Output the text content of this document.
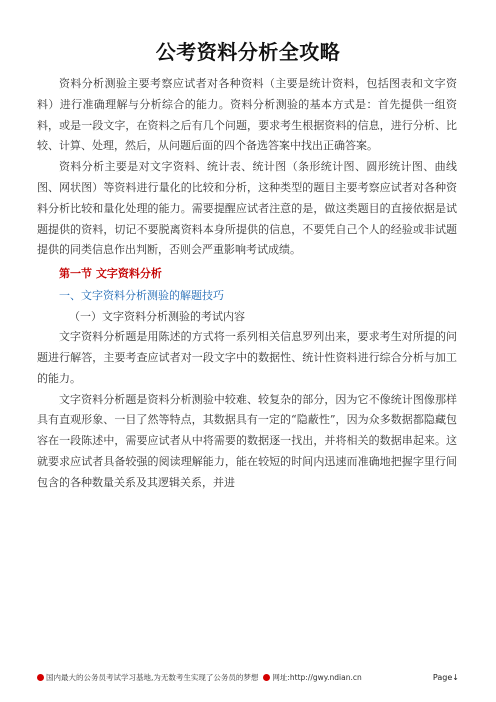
公考资料分析全攻略

资料分析测验主要考察应试者对各种资料（主要是统计资料，包括图表和文字资料）进行准确理解与分析综合的能力。资料分析测验的基本方式是：首先提供一组资料，或是一段文字，在资料之后有几个问题，要求考生根据资料的信息，进行分析、比较、计算、处理，然后，从问题后面的四个备选答案中找出正确答案。

资料分析主要是对文字资料、统计表、统计图（条形统计图、圆形统计图、曲线图、网状图）等资料进行量化的比较和分析，这种类型的题目主要考察应试者对各种资料分析比较和量化处理的能力。需要提醒应试者注意的是，做这类题目的直接依据是试题提供的资料，切记不要脱离资料本身所提供的信息，不要凭自己个人的经验或非试题提供的同类信息作出判断，否则会严重影响考试成绩。

第一节 文字资料分析

一、文字资料分析测验的解题技巧

（一）文字资料分析测验的考试内容

文字资料分析题是用陈述的方式将一系列相关信息罗列出来，要求考生对所提的问题进行解答，主要考查应试者对一段文字中的数据性、统计性资料进行综合分析与加工的能力。

文字资料分析题是资料分析测验中较难、较复杂的部分，因为它不像统计图像那样具有直观形象、一目了然等特点，其数据具有一定的“隐蔽性”，因为众多数据都隐藏包容在一段陈述中，需要应试者从中将需要的数据逐一找出，并将相关的数据串起来。这就要求应试者具备较强的阅读理解能力，能在较短的时间内迅速而准确地把握字里行间包含的各种数量关系及其逻辑关系，并进

国内最大的公务员考试学习基地,为无数考生实现了公务员的梦想 网址:http://gwy.ndian.cn	Page↓
